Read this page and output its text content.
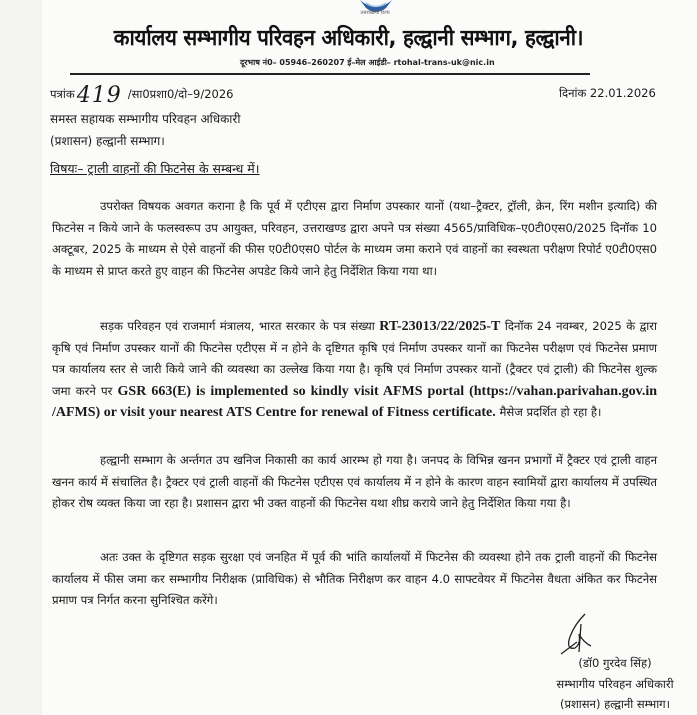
उत्तराखण्ड राज्य
कार्यालय सम्भागीय परिवहन अधिकारी, हल्द्वानी सम्भाग, हल्द्वानी।
दूरभाष नं0– 05946–260207 ई–मेल आईडी– rtohal-trans-uk@nic.in
पत्रांक419 /सा0प्रशा0/दो–9/2026	दिनांक 22.01.2026
समस्त सहायक सम्भागीय परिवहन अधिकारी
(प्रशासन) हल्द्वानी सम्भाग।
विषयः– ट्राली वाहनों की फिटनेस के सम्बन्ध में।
उपरोक्त विषयक अवगत कराना है कि पूर्व में एटीएस द्वारा निर्माण उपस्कार यानों (यथा–ट्रैक्टर, ट्रॉली, क्रेन, रिंग मशीन इत्यादि) की फिटनेस न किये जाने के फलस्वरूप उप आयुक्त, परिवहन, उत्तराखण्ड द्वारा अपने पत्र संख्या 4565/प्राविधिक–ए0टी0एस0/2025 दिनॉक 10 अक्टूबर, 2025 के माध्यम से ऐसे वाहनों की फीस ए0टी0एस0 पोर्टल के माध्यम जमा कराने एवं वाहनों का स्वस्थता परीक्षण रिपोर्ट ए0टी0एस0 के माध्यम से प्राप्त करते हुए वाहन की फिटनेस अपडेट किये जाने हेतु निर्देशित किया गया था।
सड़क परिवहन एवं राजमार्ग मंत्रालय, भारत सरकार के पत्र संख्या RT-23013/22/2025-T दिनॉक 24 नवम्बर, 2025 के द्वारा कृषि एवं निर्माण उपस्कर यानों की फिटनेस एटीएस में न होने के दृष्टिगत कृषि एवं निर्माण उपस्कर यानों का फिटनेस परीक्षण एवं फिटनेस प्रमाण पत्र कार्यालय स्तर से जारी किये जाने की व्यवस्था का उल्लेख किया गया है। कृषि एवं निर्माण उपस्कर यानों (ट्रैक्टर एवं ट्राली) की फिटनेस शुल्क जमा करने पर GSR 663(E) is implemented so kindly visit AFMS portal (https://vahan.parivahan.gov.in /AFMS) or visit your nearest ATS Centre for renewal of Fitness certificate. मैसेज प्रदर्शित हो रहा है।
हल्द्वानी सम्भाग के अर्न्तगत उप खनिज निकासी का कार्य आरम्भ हो गया है। जनपद के विभिन्न खनन प्रभागों में ट्रैक्टर एवं ट्राली वाहन खनन कार्य में संचालित है। ट्रैक्टर एवं ट्राली वाहनों की फिटनेस एटीएस एवं कार्यालय में न होने के कारण वाहन स्वामियों द्वारा कार्यालय में उपस्थित होकर रोष व्यक्त किया जा रहा है। प्रशासन द्वारा भी उक्त वाहनों की फिटनेस यथा शीघ्र कराये जाने हेतु निर्देशित किया गया है।
अतः उक्त के दृष्टिगत सड़क सुरक्षा एवं जनहित में पूर्व की भांति कार्यालयों में फिटनेस की व्यवस्था होने तक ट्राली वाहनों की फिटनेस कार्यालय में फीस जमा कर सम्भागीय निरीक्षक (प्राविधिक) से भौतिक निरीक्षण कर वाहन 4.0 साफ्टवेयर में फिटनेस वैधता अंकित कर फिटनेस प्रमाण पत्र निर्गत करना सुनिश्चित करेंगे।
(डॉ0 गुरदेव सिंह)
सम्भागीय परिवहन अधिकारी
(प्रशासन) हल्द्वानी सम्भाग।
